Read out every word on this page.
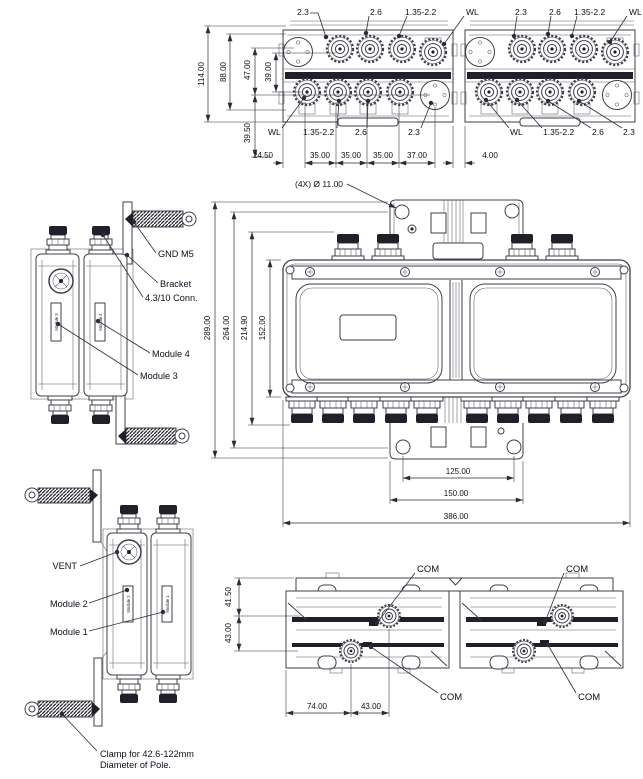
114.00 88.00 47.00 39.00
39.50
24.50	35.00 35.00 35.00 37.00	4.00
2.3	2.6	1.35-2.2	WL	2.3	2.6 1.35-2.2	WL
WL	1.35-2.2 2.6	2.3	WL 1.35-2.2 2.6 2.3
(4X) Ø 11.00
289.00 264.00 214.90 152.00
125.00
150.00
386.00
Module 3	Module 4
GND M5
Bracket
4.3/10 Conn.
Module 4
Module 3
Module 2	Module 1
VENT
Module 2
Module 1
Clamp for 42.6-122mm
Diameter of Pole.
COM	COM
COM	COM
41.50
43.00
74.00	43.00
